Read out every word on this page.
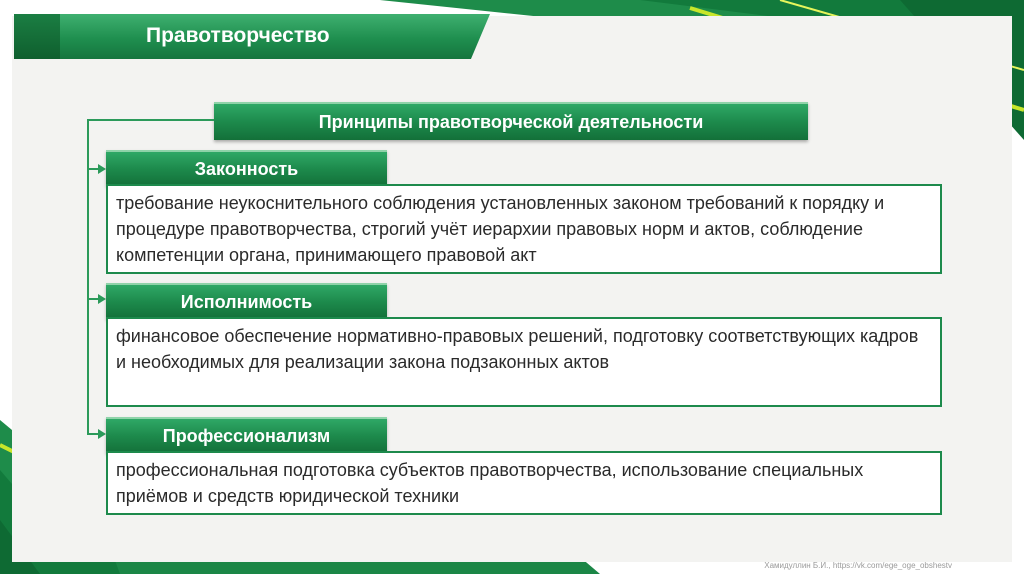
Правотворчество
Принципы правотворческой деятельности
Законность
требование неукоснительного соблюдения установленных законом требований к порядку и процедуре правотворчества, строгий учёт иерархии правовых норм и актов, соблюдение компетенции органа, принимающего правовой акт
Исполнимость
финансовое обеспечение нормативно-правовых решений, подготовку соответствующих кадров и необходимых для реализации закона подзаконных актов
Профессионализм
профессиональная подготовка субъектов правотворчества, использование специальных приёмов и средств юридической техники
Хамидуллин Б.И., https://vk.com/ege_oge_obshestv
